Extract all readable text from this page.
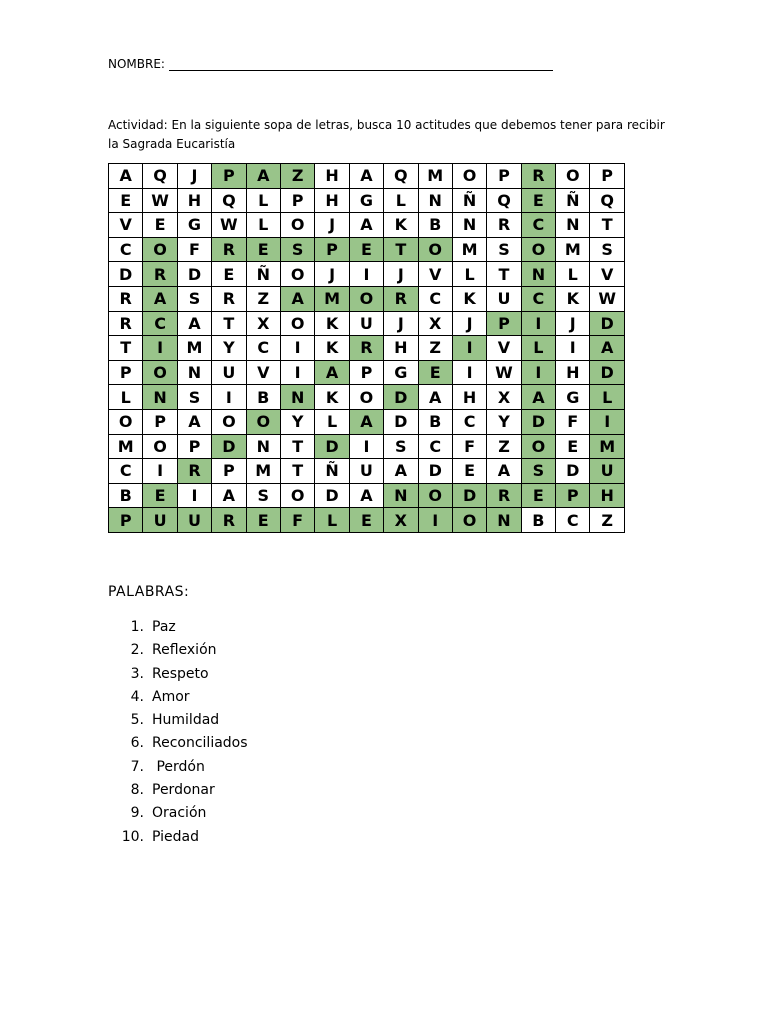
NOMBRE:
Actividad: En la siguiente sopa de letras, busca 10 actitudes que debemos tener para recibir la Sagrada Eucaristía
A	Q	J	P	A	Z	H	A	Q	M	O	P	R	O	P
E	W	H	Q	L	P	H	G	L	N	Ñ	Q	E	Ñ	Q
V	E	G	W	L	O	J	A	K	B	N	R	C	N	T
C	O	F	R	E	S	P	E	T	O	M	S	O	M	S
D	R	D	E	Ñ	O	J	I	J	V	L	T	N	L	V
R	A	S	R	Z	A	M	O	R	C	K	U	C	K	W
R	C	A	T	X	O	K	U	J	X	J	P	I	J	D
T	I	M	Y	C	I	K	R	H	Z	I	V	L	I	A
P	O	N	U	V	I	A	P	G	E	I	W	I	H	D
L	N	S	I	B	N	K	O	D	A	H	X	A	G	L
O	P	A	O	O	Y	L	A	D	B	C	Y	D	F	I
M	O	P	D	N	T	D	I	S	C	F	Z	O	E	M
C	I	R	P	M	T	Ñ	U	A	D	E	A	S	D	U
B	E	I	A	S	O	D	A	N	O	D	R	E	P	H
P	U	U	R	E	F	L	E	X	I	O	N	B	C	Z
PALABRAS:
1. Paz
2. Reflexión
3. Respeto
4. Amor
5. Humildad
6. Reconciliados
7. Perdón
8. Perdonar
9. Oración
10. Piedad
